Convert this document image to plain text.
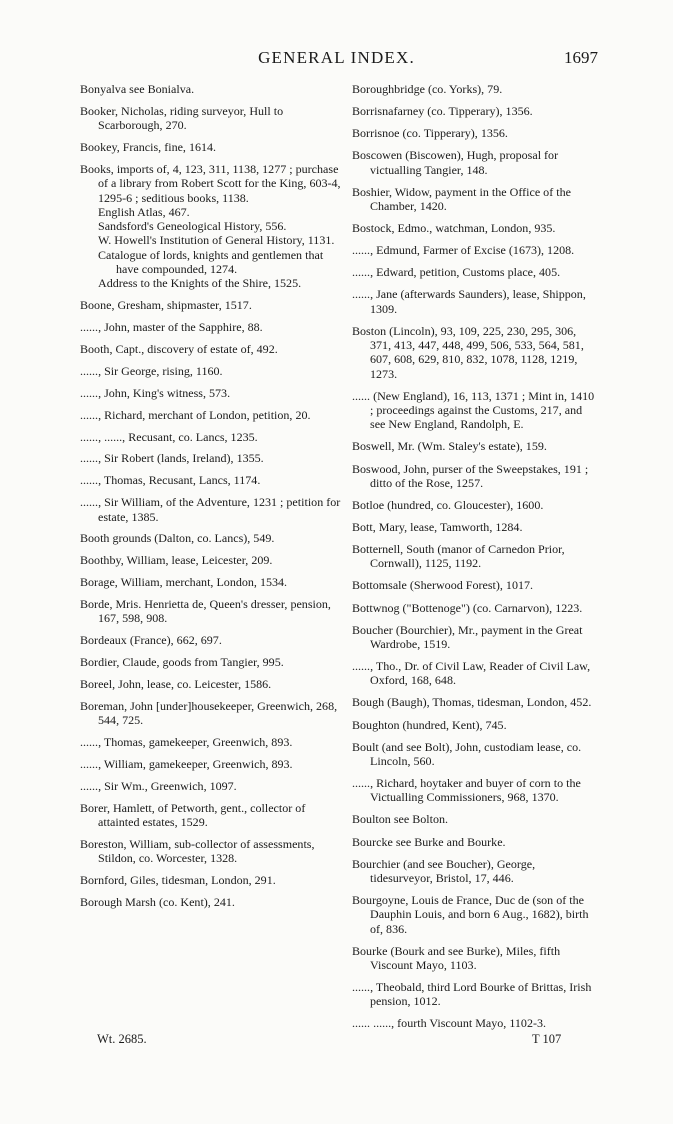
GENERAL INDEX.	1697

Bonyalva see Bonialva.

Booker, Nicholas, riding surveyor, Hull to Scarborough, 270.

Bookey, Francis, fine, 1614.

Books, imports of, 4, 123, 311, 1138, 1277 ; purchase of a library from Robert Scott for the King, 603-4, 1295-6 ; seditious books, 1138.

English Atlas, 467.

Sandsford's Geneological History, 556.

W. Howell's Institution of General History, 1131.

Catalogue of lords, knights and gentlemen that have compounded, 1274.

Address to the Knights of the Shire, 1525.

Boone, Gresham, shipmaster, 1517.

......, John, master of the Sapphire, 88.

Booth, Capt., discovery of estate of, 492.

......, Sir George, rising, 1160.

......, John, King's witness, 573.

......, Richard, merchant of London, petition, 20.

......, ......, Recusant, co. Lancs, 1235.

......, Sir Robert (lands, Ireland), 1355.

......, Thomas, Recusant, Lancs, 1174.

......, Sir William, of the Adventure, 1231 ; petition for estate, 1385.

Booth grounds (Dalton, co. Lancs), 549.

Boothby, William, lease, Leicester, 209.

Borage, William, merchant, London, 1534.

Borde, Mris. Henrietta de, Queen's dresser, pension, 167, 598, 908.

Bordeaux (France), 662, 697.

Bordier, Claude, goods from Tangier, 995.

Boreel, John, lease, co. Leicester, 1586.

Boreman, John [under]housekeeper, Greenwich, 268, 544, 725.

......, Thomas, gamekeeper, Greenwich, 893.

......, William, gamekeeper, Greenwich, 893.

......, Sir Wm., Greenwich, 1097.

Borer, Hamlett, of Petworth, gent., collector of attainted estates, 1529.

Boreston, William, sub-collector of assessments, Stildon, co. Worcester, 1328.

Bornford, Giles, tidesman, London, 291.

Borough Marsh (co. Kent), 241.

Boroughbridge (co. Yorks), 79.

Borrisnafarney (co. Tipperary), 1356.

Borrisnoe (co. Tipperary), 1356.

Boscowen (Biscowen), Hugh, proposal for victualling Tangier, 148.

Boshier, Widow, payment in the Office of the Chamber, 1420.

Bostock, Edmo., watchman, London, 935.

......, Edmund, Farmer of Excise (1673), 1208.

......, Edward, petition, Customs place, 405.

......, Jane (afterwards Saunders), lease, Shippon, 1309.

Boston (Lincoln), 93, 109, 225, 230, 295, 306, 371, 413, 447, 448, 499, 506, 533, 564, 581, 607, 608, 629, 810, 832, 1078, 1128, 1219, 1273.

...... (New England), 16, 113, 1371 ; Mint in, 1410 ; proceedings against the Customs, 217, and see New England, Randolph, E.

Boswell, Mr. (Wm. Staley's estate), 159.

Boswood, John, purser of the Sweepstakes, 191 ; ditto of the Rose, 1257.

Botloe (hundred, co. Gloucester), 1600.

Bott, Mary, lease, Tamworth, 1284.

Botternell, South (manor of Carnedon Prior, Cornwall), 1125, 1192.

Bottomsale (Sherwood Forest), 1017.

Bottwnog ("Bottenoge") (co. Carnarvon), 1223.

Boucher (Bourchier), Mr., payment in the Great Wardrobe, 1519.

......, Tho., Dr. of Civil Law, Reader of Civil Law, Oxford, 168, 648.

Bough (Baugh), Thomas, tidesman, London, 452.

Boughton (hundred, Kent), 745.

Boult (and see Bolt), John, custodiam lease, co. Lincoln, 560.

......, Richard, hoytaker and buyer of corn to the Victualling Commissioners, 968, 1370.

Boulton see Bolton.

Bourcke see Burke and Bourke.

Bourchier (and see Boucher), George, tidesurveyor, Bristol, 17, 446.

Bourgoyne, Louis de France, Duc de (son of the Dauphin Louis, and born 6 Aug., 1682), birth of, 836.

Bourke (Bourk and see Burke), Miles, fifth Viscount Mayo, 1103.

......, Theobald, third Lord Bourke of Brittas, Irish pension, 1012.

...... ......, fourth Viscount Mayo, 1102-3.

Wt. 2685.	T 107
